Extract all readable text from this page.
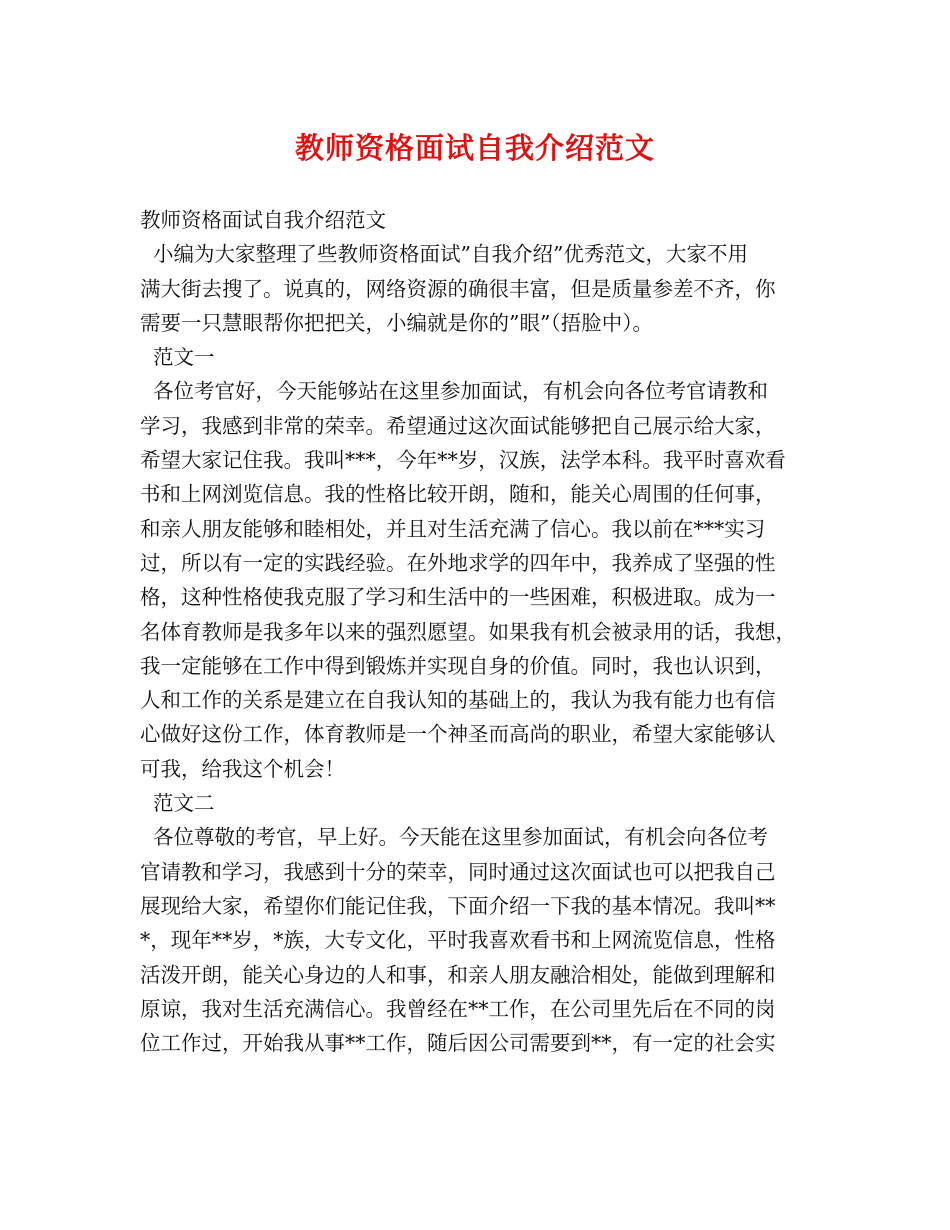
教师资格面试自我介绍范文
教师资格面试自我介绍范文
小编为大家整理了些教师资格面试”自我介绍”优秀范文，大家不用
满大街去搜了。说真的，网络资源的确很丰富，但是质量参差不齐，你
需要一只慧眼帮你把把关，小编就是你的”眼”（捂脸中）。
范文一
各位考官好，今天能够站在这里参加面试，有机会向各位考官请教和
学习，我感到非常的荣幸。希望通过这次面试能够把自己展示给大家，
希望大家记住我。我叫***，今年**岁，汉族，法学本科。我平时喜欢看
书和上网浏览信息。我的性格比较开朗，随和，能关心周围的任何事，
和亲人朋友能够和睦相处，并且对生活充满了信心。我以前在***实习
过，所以有一定的实践经验。在外地求学的四年中，我养成了坚强的性
格，这种性格使我克服了学习和生活中的一些困难，积极进取。成为一
名体育教师是我多年以来的强烈愿望。如果我有机会被录用的话，我想，
我一定能够在工作中得到锻炼并实现自身的价值。同时，我也认识到，
人和工作的关系是建立在自我认知的基础上的，我认为我有能力也有信
心做好这份工作，体育教师是一个神圣而高尚的职业，希望大家能够认
可我，给我这个机会！
范文二
各位尊敬的考官，早上好。今天能在这里参加面试，有机会向各位考
官请教和学习，我感到十分的荣幸，同时通过这次面试也可以把我自己
展现给大家，希望你们能记住我，下面介绍一下我的基本情况。我叫**
*，现年**岁，*族，大专文化，平时我喜欢看书和上网流览信息，性格
活泼开朗，能关心身边的人和事，和亲人朋友融洽相处，能做到理解和
原谅，我对生活充满信心。我曾经在**工作，在公司里先后在不同的岗
位工作过，开始我从事**工作，随后因公司需要到**，有一定的社会实
